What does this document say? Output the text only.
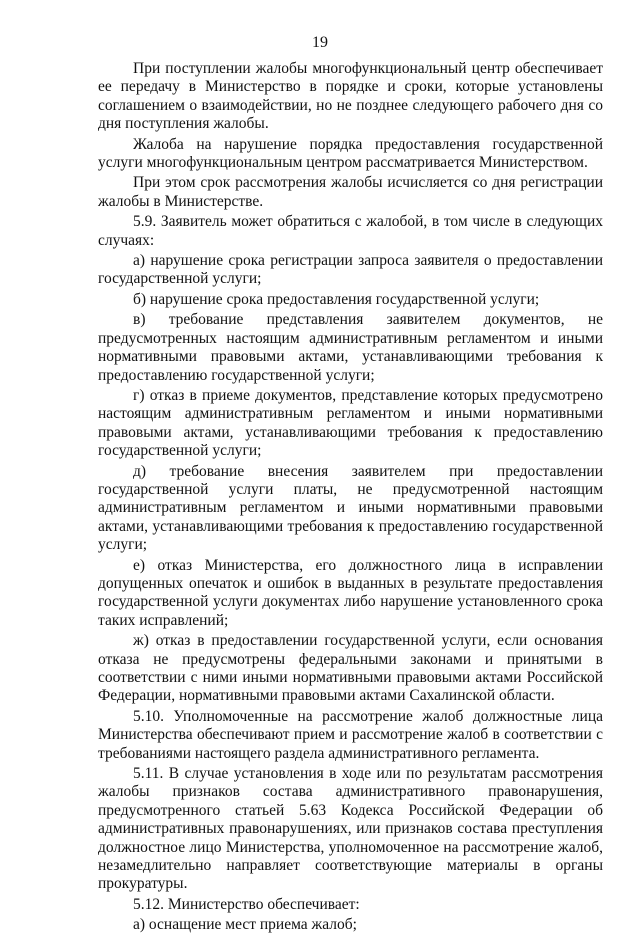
19

При поступлении жалобы многофункциональный центр обеспечивает ее передачу в Министерство в порядке и сроки, которые установлены соглашением о взаимодействии, но не позднее следующего рабочего дня со дня поступления жалобы.

Жалоба на нарушение порядка предоставления государственной услуги многофункциональным центром рассматривается Министерством.

При этом срок рассмотрения жалобы исчисляется со дня регистрации жалобы в Министерстве.

5.9. Заявитель может обратиться с жалобой, в том числе в следующих случаях:

а) нарушение срока регистрации запроса заявителя о предоставлении государственной услуги;

б) нарушение срока предоставления государственной услуги;

в) требование представления заявителем документов, не предусмотренных настоящим административным регламентом и иными нормативными правовыми актами, устанавливающими требования к предоставлению государственной услуги;

г) отказ в приеме документов, представление которых предусмотрено настоящим административным регламентом и иными нормативными правовыми актами, устанавливающими требования к предоставлению государственной услуги;

д) требование внесения заявителем при предоставлении государственной услуги платы, не предусмотренной настоящим административным регламентом и иными нормативными правовыми актами, устанавливающими требования к предоставлению государственной услуги;

е) отказ Министерства, его должностного лица в исправлении допущенных опечаток и ошибок в выданных в результате предоставления государственной услуги документах либо нарушение установленного срока таких исправлений;

ж) отказ в предоставлении государственной услуги, если основания отказа не предусмотрены федеральными законами и принятыми в соответствии с ними иными нормативными правовыми актами Российской Федерации, нормативными правовыми актами Сахалинской области.

5.10. Уполномоченные на рассмотрение жалоб должностные лица Министерства обеспечивают прием и рассмотрение жалоб в соответствии с требованиями настоящего раздела административного регламента.

5.11. В случае установления в ходе или по результатам рассмотрения жалобы признаков состава административного правонарушения, предусмотренного статьей 5.63 Кодекса Российской Федерации об административных правонарушениях, или признаков состава преступления должностное лицо Министерства, уполномоченное на рассмотрение жалоб, незамедлительно направляет соответствующие материалы в органы прокуратуры.

5.12. Министерство обеспечивает:

а) оснащение мест приема жалоб;
